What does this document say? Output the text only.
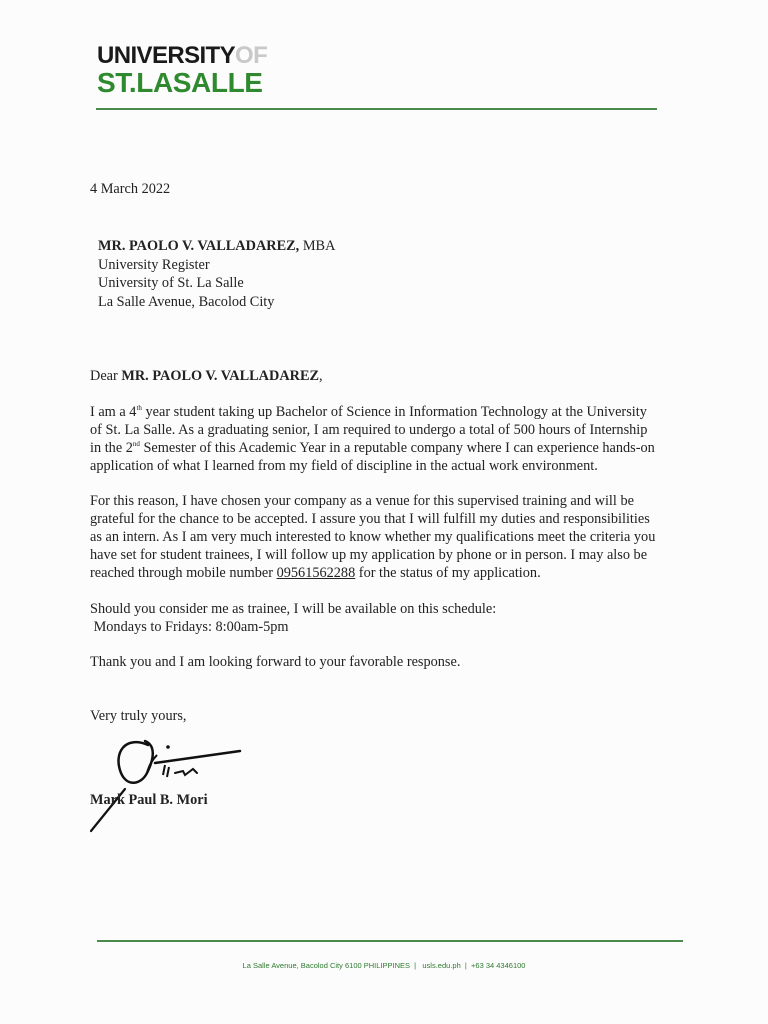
UNIVERSITYOF
ST.LASALLE
4 March 2022
MR. PAOLO V. VALLADAREZ, MBA
University Register
University of St. La Salle
La Salle Avenue, Bacolod City
Dear MR. PAOLO V. VALLADAREZ,
I am a 4th year student taking up Bachelor of Science in Information Technology at the University
of St. La Salle. As a graduating senior, I am required to undergo a total of 500 hours of Internship
in the 2nd Semester of this Academic Year in a reputable company where I can experience hands-on
application of what I learned from my field of discipline in the actual work environment.
For this reason, I have chosen your company as a venue for this supervised training and will be
grateful for the chance to be accepted. I assure you that I will fulfill my duties and responsibilities
as an intern. As I am very much interested to know whether my qualifications meet the criteria you
have set for student trainees, I will follow up my application by phone or in person. I may also be
reached through mobile number 09561562288 for the status of my application.
Should you consider me as trainee, I will be available on this schedule:
Mondays to Fridays: 8:00am-5pm
Thank you and I am looking forward to your favorable response.
Very truly yours,
Mark Paul B. Mori
La Salle Avenue, Bacolod City 6100 PHILIPPINES  |   usls.edu.ph  |  +63 34 4346100
